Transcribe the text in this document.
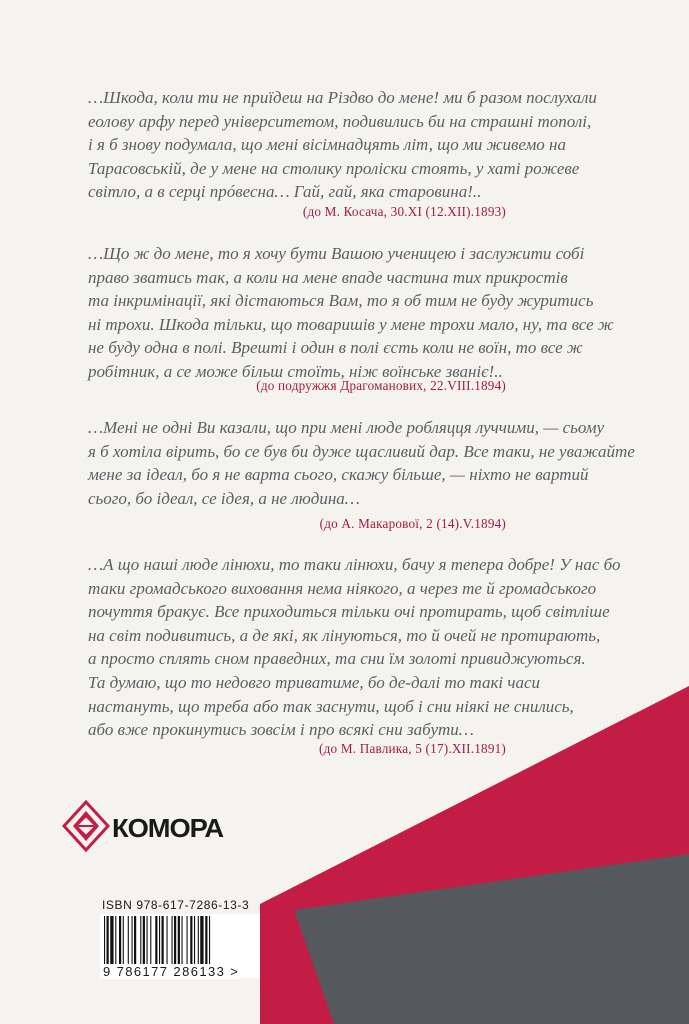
…Шкода, коли ти не приїдеш на Різдво до мене! ми б разом послухали
еолову арфу перед університетом, подивились би на страшні тополі,
і я б знову подумала, що мені вісімнадцять літ, що ми живемо на
Тарасовській, де у мене на столику проліски стоять, у хаті рожеве
світло, а в серці прóвесна… Гай, гай, яка старовина!..
(до М. Косача, 30.XI (12.XII).1893)
…Що ж до мене, то я хочу бути Вашою ученицею і заслужити собі
право зватись так, а коли на мене впаде частина тих прикростів
та інкримінації, які дістаються Вам, то я об тим не буду журитись
ні трохи. Шкода тільки, що товаришів у мене трохи мало, ну, та все ж
не буду одна в полі. Врешті і один в полі єсть коли не воїн, то все ж
робітник, а се може більш стоїть, ніж воїнське званіє!..
(до подружжя Драгоманових, 22.VIII.1894)
…Мені не одні Ви казали, що при мені люде робляцця луччими, — сьому
я б хотіла вірить, бо се був би дуже щасливий дар. Все таки, не уважайте
мене за ідеал, бо я не варта сього, скажу більше, — ніхто не вартий
сього, бо ідеал, се ідея, а не людина…
(до А. Макарової, 2 (14).V.1894)
…А що наші люде лінюхи, то таки лінюхи, бачу я тепера добре! У нас бо
таки громадського виховання нема ніякого, а через те й громадського
почуття бракує. Все приходиться тільки очі протирать, щоб світліше
на світ подивитись, а де які, як лінуються, то й очей не протирають,
а просто сплять сном праведних, та сни їм золоті привиджуються.
Та думаю, що то недовго триватиме, бо де-далі то такі часи
настануть, що треба або так заснути, щоб і сни ніякі не снились,
або вже прокинутись зовсім і про всякі сни забути…
(до М. Павлика, 5 (17).XII.1891)
КОМОРА
ISBN 978-617-7286-13-3
9 786177 286133 >
